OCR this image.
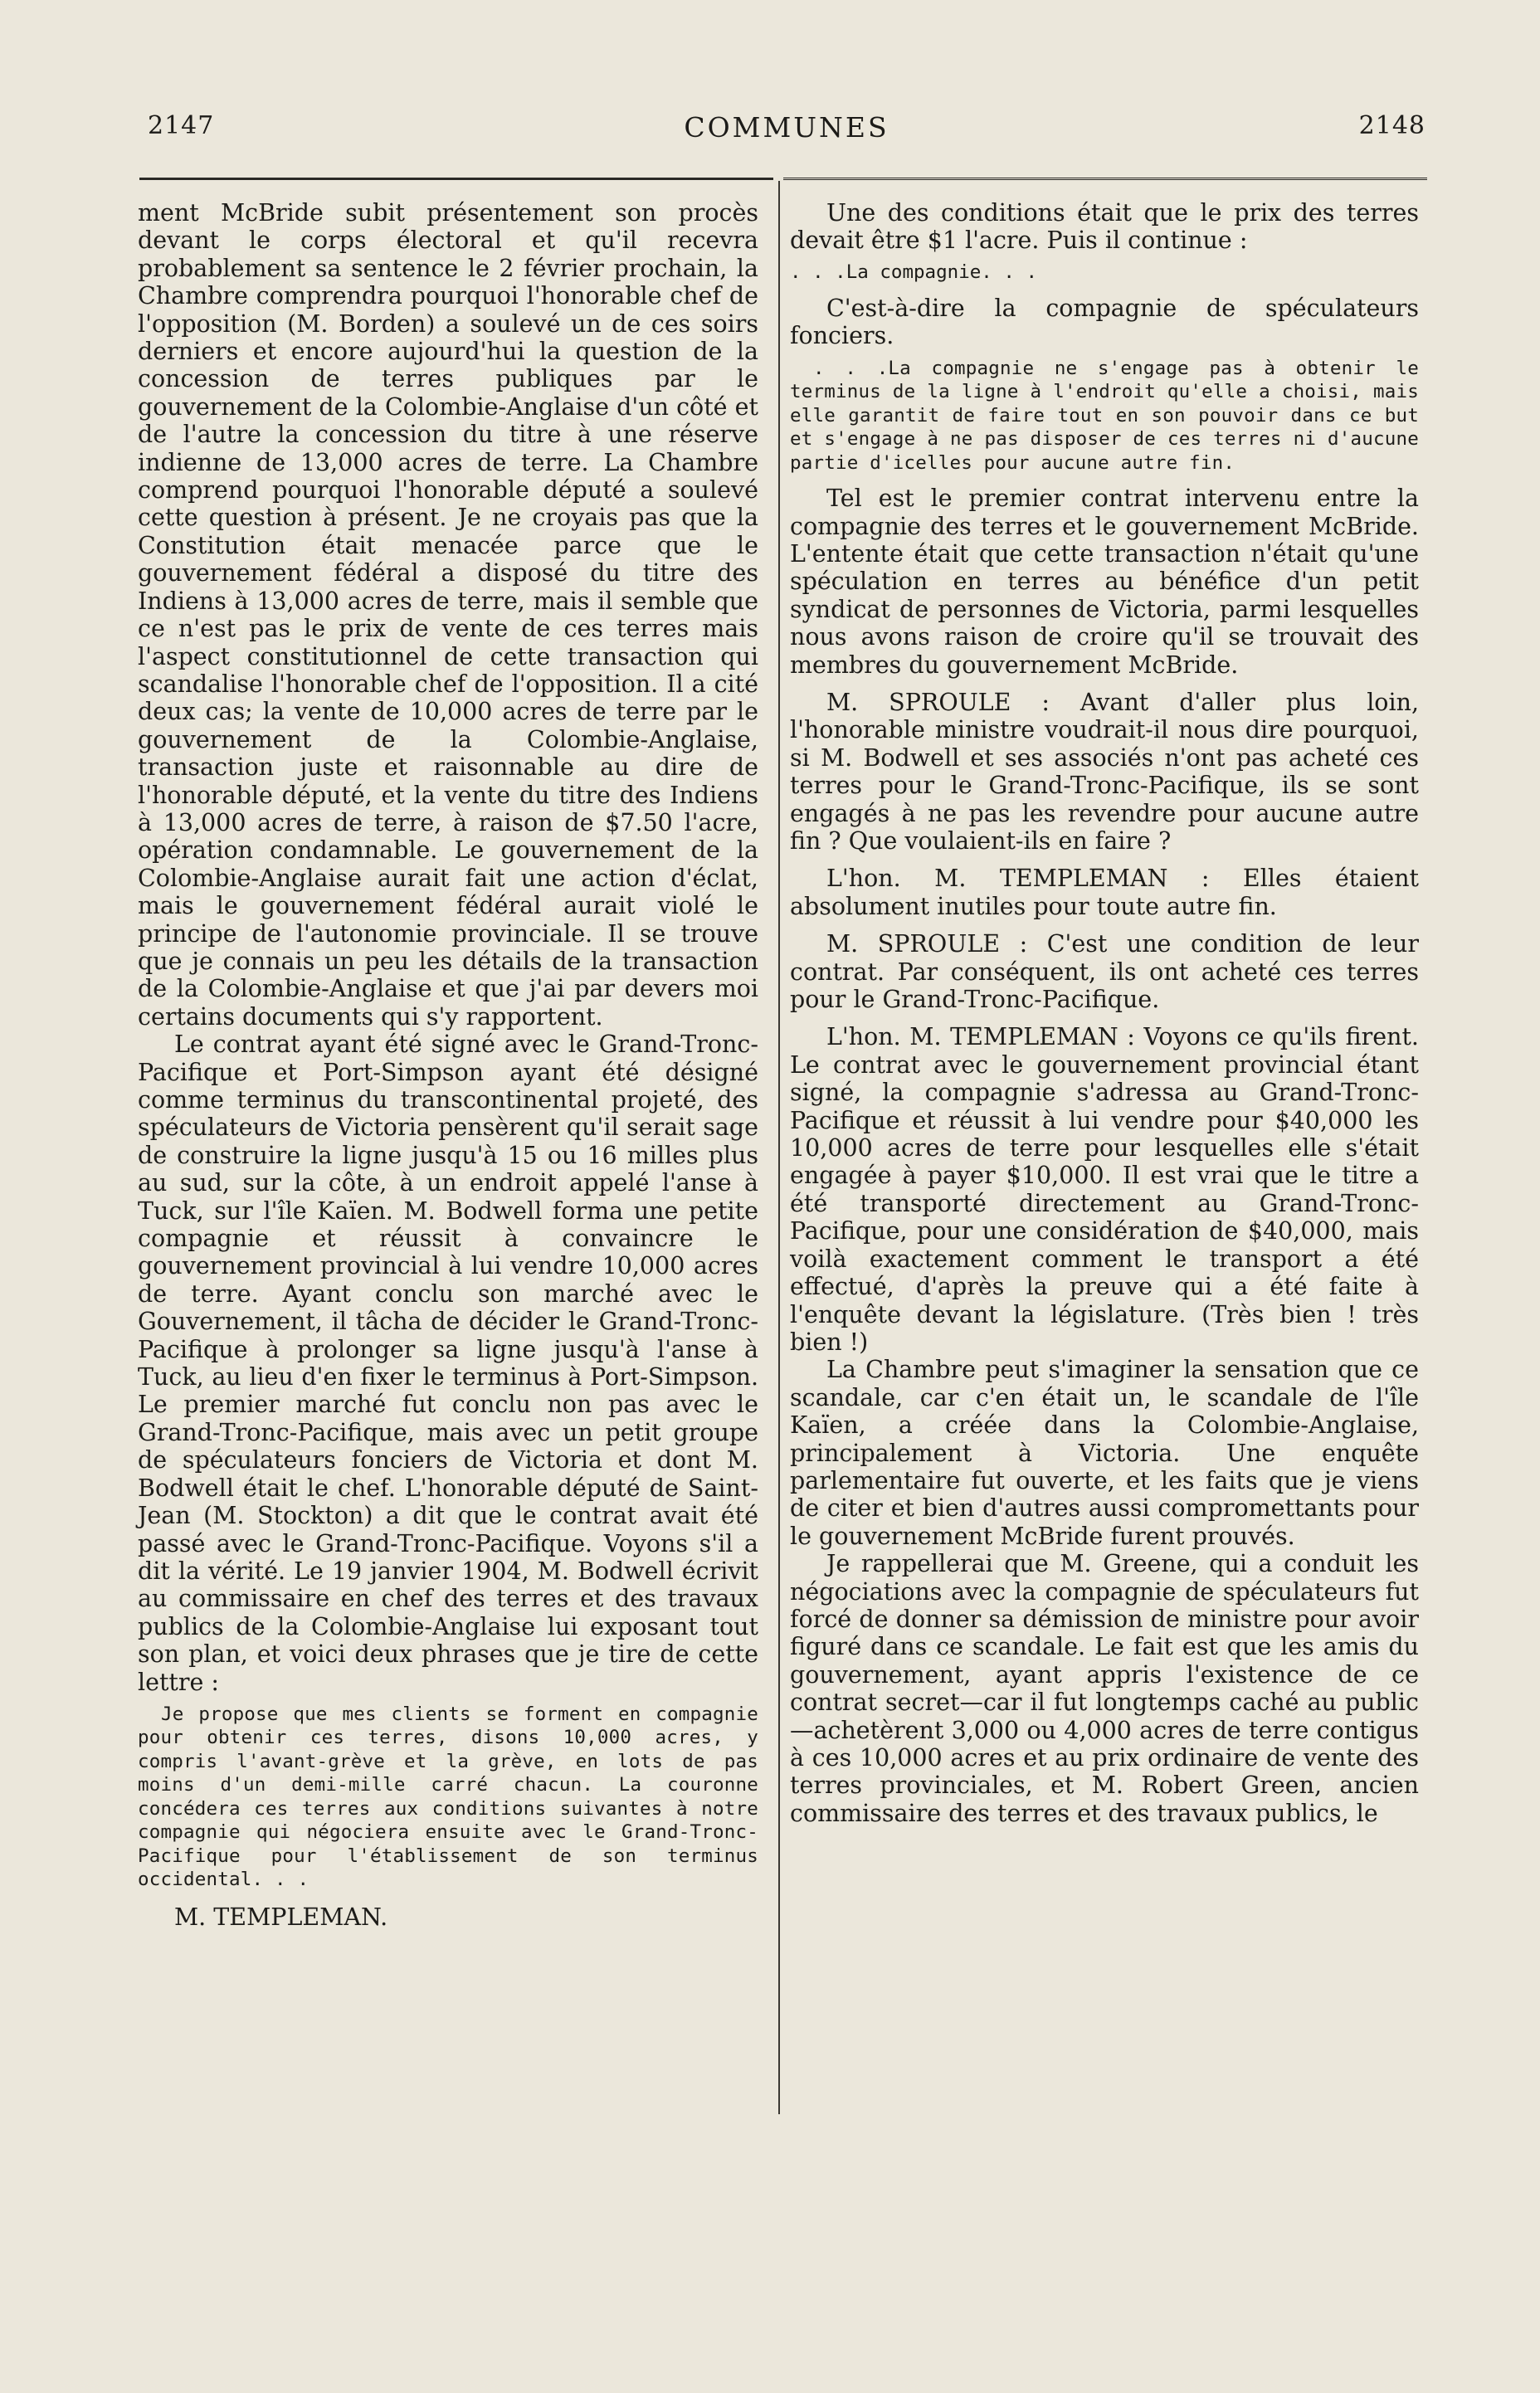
2147	COMMUNES	2148

ment McBride subit présentement son procès devant le corps électoral et qu'il recevra probablement sa sentence le 2 février prochain, la Chambre comprendra pourquoi l'honorable chef de l'opposition (M. Borden) a soulevé un de ces soirs derniers et encore aujourd'hui la question de la concession de terres publiques par le gouvernement de la Colombie-Anglaise d'un côté et de l'autre la concession du titre à une réserve indienne de 13,000 acres de terre. La Chambre comprend pourquoi l'honorable député a soulevé cette question à présent. Je ne croyais pas que la Constitution était menacée parce que le gouvernement fédéral a disposé du titre des Indiens à 13,000 acres de terre, mais il semble que ce n'est pas le prix de vente de ces terres mais l'aspect constitutionnel de cette transaction qui scandalise l'honorable chef de l'opposition. Il a cité deux cas; la vente de 10,000 acres de terre par le gouvernement de la Colombie-Anglaise, transaction juste et raisonnable au dire de l'honorable député, et la vente du titre des Indiens à 13,000 acres de terre, à raison de $7.50 l'acre, opération condamnable. Le gouvernement de la Colombie-Anglaise aurait fait une action d'éclat, mais le gouvernement fédéral aurait violé le principe de l'autonomie provinciale. Il se trouve que je connais un peu les détails de la transaction de la Colombie-Anglaise et que j'ai par devers moi certains documents qui s'y rapportent.

Le contrat ayant été signé avec le Grand-Tronc-Pacifique et Port-Simpson ayant été désigné comme terminus du transcontinental projeté, des spéculateurs de Victoria pensèrent qu'il serait sage de construire la ligne jusqu'à 15 ou 16 milles plus au sud, sur la côte, à un endroit appelé l'anse à Tuck, sur l'île Kaïen. M. Bodwell forma une petite compagnie et réussit à convaincre le gouvernement provincial à lui vendre 10,000 acres de terre. Ayant conclu son marché avec le Gouvernement, il tâcha de décider le Grand-Tronc-Pacifique à prolonger sa ligne jusqu'à l'anse à Tuck, au lieu d'en fixer le terminus à Port-Simpson. Le premier marché fut conclu non pas avec le Grand-Tronc-Pacifique, mais avec un petit groupe de spéculateurs fonciers de Victoria et dont M. Bodwell était le chef. L'honorable député de Saint-Jean (M. Stockton) a dit que le contrat avait été passé avec le Grand-Tronc-Pacifique. Voyons s'il a dit la vérité. Le 19 janvier 1904, M. Bodwell écrivit au commissaire en chef des terres et des travaux publics de la Colombie-Anglaise lui exposant tout son plan, et voici deux phrases que je tire de cette lettre :

Je propose que mes clients se forment en compagnie pour obtenir ces terres, disons 10,000 acres, y compris l'avant-grève et la grève, en lots de pas moins d'un demi-mille carré chacun. La couronne concédera ces terres aux conditions suivantes à notre compagnie qui négociera ensuite avec le Grand-Tronc-Pacifique pour l'établissement de son terminus occidental. . .

M. TEMPLEMAN.

Une des conditions était que le prix des terres devait être $1 l'acre. Puis il continue :

. . .La compagnie. . .

C'est-à-dire la compagnie de spéculateurs fonciers.

. . .La compagnie ne s'engage pas à obtenir le terminus de la ligne à l'endroit qu'elle a choisi, mais elle garantit de faire tout en son pouvoir dans ce but et s'engage à ne pas disposer de ces terres ni d'aucune partie d'icelles pour aucune autre fin.

Tel est le premier contrat intervenu entre la compagnie des terres et le gouvernement McBride. L'entente était que cette transaction n'était qu'une spéculation en terres au bénéfice d'un petit syndicat de personnes de Victoria, parmi lesquelles nous avons raison de croire qu'il se trouvait des membres du gouvernement McBride.

M. SPROULE : Avant d'aller plus loin, l'honorable ministre voudrait-il nous dire pourquoi, si M. Bodwell et ses associés n'ont pas acheté ces terres pour le Grand-Tronc-Pacifique, ils se sont engagés à ne pas les revendre pour aucune autre fin ? Que voulaient-ils en faire ?

L'hon. M. TEMPLEMAN : Elles étaient absolument inutiles pour toute autre fin.

M. SPROULE : C'est une condition de leur contrat. Par conséquent, ils ont acheté ces terres pour le Grand-Tronc-Pacifique.

L'hon. M. TEMPLEMAN : Voyons ce qu'ils firent. Le contrat avec le gouvernement provincial étant signé, la compagnie s'adressa au Grand-Tronc-Pacifique et réussit à lui vendre pour $40,000 les 10,000 acres de terre pour lesquelles elle s'était engagée à payer $10,000. Il est vrai que le titre a été transporté directement au Grand-Tronc-Pacifique, pour une considération de $40,000, mais voilà exactement comment le transport a été effectué, d'après la preuve qui a été faite à l'enquête devant la législature. (Très bien ! très bien !)

La Chambre peut s'imaginer la sensation que ce scandale, car c'en était un, le scandale de l'île Kaïen, a créée dans la Colombie-Anglaise, principalement à Victoria. Une enquête parlementaire fut ouverte, et les faits que je viens de citer et bien d'autres aussi compromettants pour le gouvernement McBride furent prouvés.

Je rappellerai que M. Greene, qui a conduit les négociations avec la compagnie de spéculateurs fut forcé de donner sa démission de ministre pour avoir figuré dans ce scandale. Le fait est que les amis du gouvernement, ayant appris l'existence de ce contrat secret—car il fut longtemps caché au public—achetèrent 3,000 ou 4,000 acres de terre contigus à ces 10,000 acres et au prix ordinaire de vente des terres provinciales, et M. Robert Green, ancien commissaire des terres et des travaux publics, le
